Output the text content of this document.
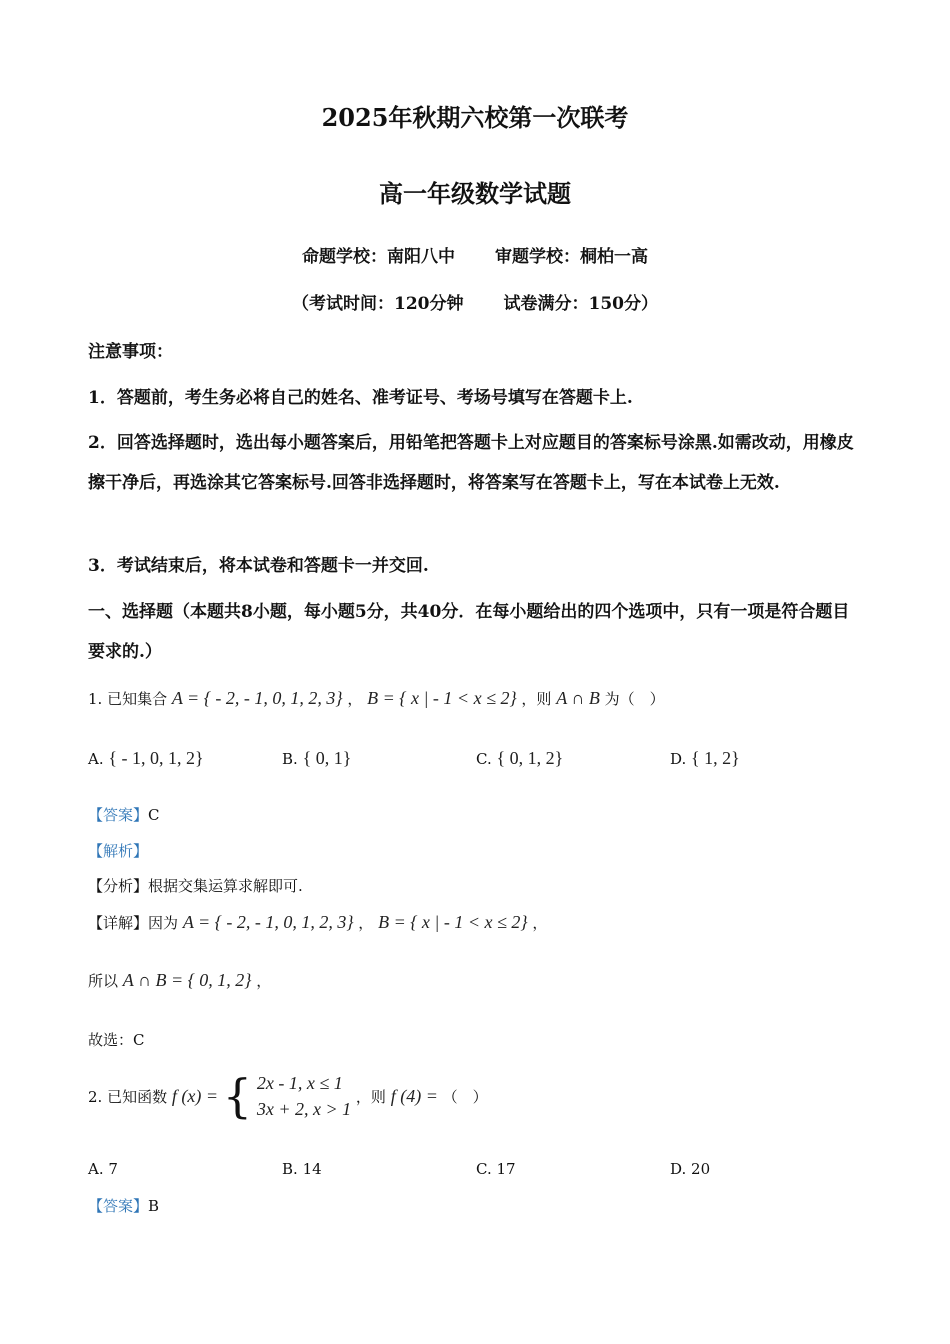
2025年秋期六校第一次联考
高一年级数学试题
命题学校：南阳八中 审题学校：桐柏一高
（考试时间：120分钟 试卷满分：150分）
注意事项：
1．答题前，考生务必将自己的姓名、准考证号、考场号填写在答题卡上.
2．回答选择题时，选出每小题答案后，用铅笔把答题卡上对应题目的答案标号涂黑.如需改动，用橡皮擦干净后，再选涂其它答案标号.回答非选择题时，将答案写在答题卡上，写在本试卷上无效.
3．考试结束后，将本试卷和答题卡一并交回.
一、选择题（本题共8小题，每小题5分，共40分．在每小题给出的四个选项中，只有一项是符合题目要求的.）
1. 已知集合 A = { - 2, - 1, 0, 1, 2, 3} ， B = { x | - 1 < x ≤ 2} ，则 A ∩ B 为（　）
A. { - 1, 0, 1, 2}	B. { 0, 1}	C. { 0, 1, 2}	D. { 1, 2}
【答案】C
【解析】
【分析】根据交集运算求解即可.
【详解】因为 A = { - 2, - 1, 0, 1, 2, 3} ， B = { x | - 1 < x ≤ 2} ，
所以 A ∩ B = { 0, 1, 2} ，
故选：C
2. 已知函数 f (x) = { 2x - 1, x ≤ 1
3x + 2, x > 1
，则 f (4) = （　）
A. 7	B. 14	C. 17	D. 20
【答案】B
